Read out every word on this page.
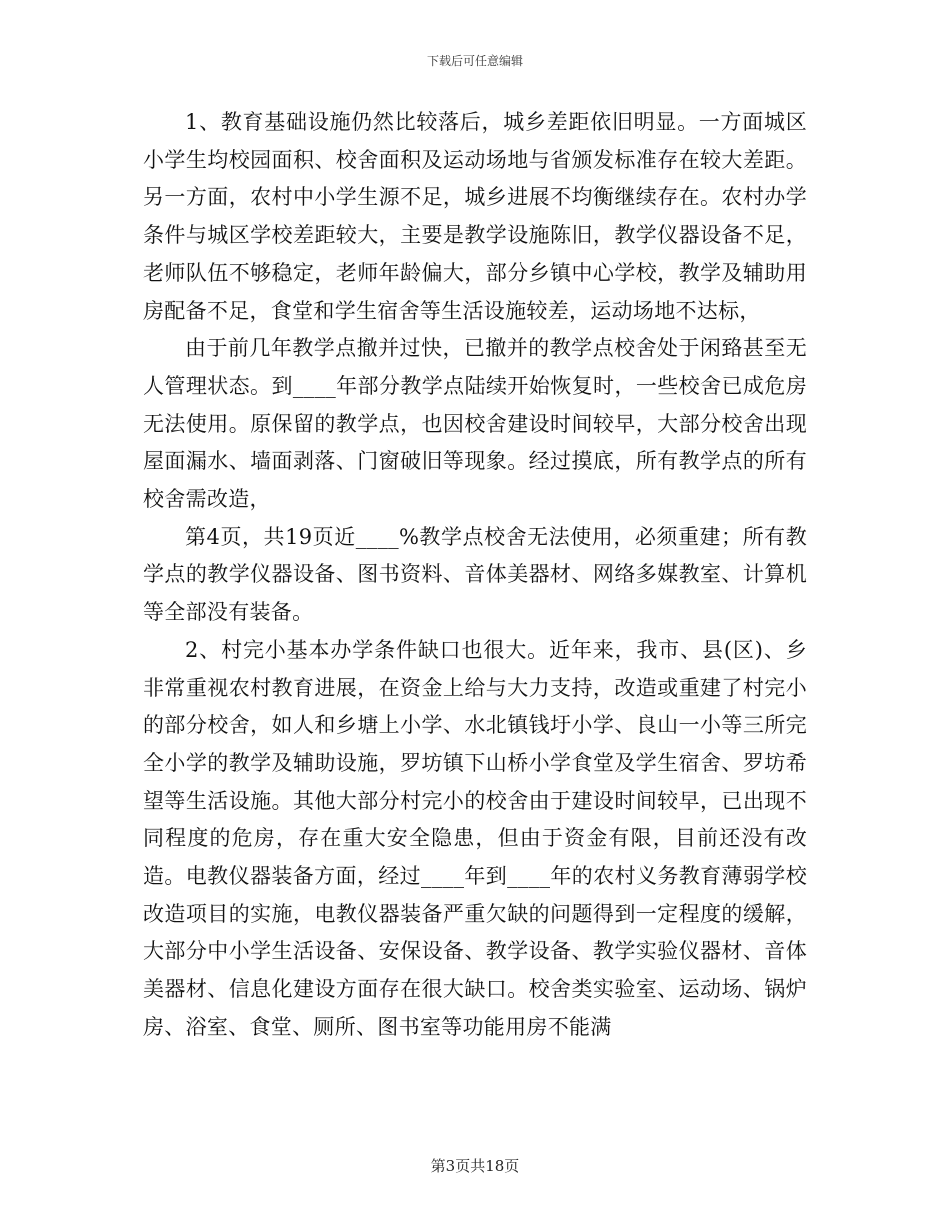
下载后可任意编辑

1、教育基础设施仍然比较落后，城乡差距依旧明显。一方面城区小学生均校园面积、校舍面积及运动场地与省颁发标准存在较大差距。另一方面，农村中小学生源不足，城乡进展不均衡继续存在。农村办学条件与城区学校差距较大，主要是教学设施陈旧，教学仪器设备不足，老师队伍不够稳定，老师年龄偏大，部分乡镇中心学校，教学及辅助用房配备不足，食堂和学生宿舍等生活设施较差，运动场地不达标，

由于前几年教学点撤并过快，已撤并的教学点校舍处于闲臵甚至无人管理状态。到____年部分教学点陆续开始恢复时，一些校舍已成危房无法使用。原保留的教学点，也因校舍建设时间较早，大部分校舍出现屋面漏水、墙面剥落、门窗破旧等现象。经过摸底，所有教学点的所有校舍需改造，

第4页，共19页近____%教学点校舍无法使用，必须重建；所有教学点的教学仪器设备、图书资料、音体美器材、网络多媒教室、计算机等全部没有装备。

2、村完小基本办学条件缺口也很大。近年来，我市、县(区)、乡非常重视农村教育进展，在资金上给与大力支持，改造或重建了村完小的部分校舍，如人和乡塘上小学、水北镇钱圩小学、良山一小等三所完全小学的教学及辅助设施，罗坊镇下山桥小学食堂及学生宿舍、罗坊希望等生活设施。其他大部分村完小的校舍由于建设时间较早，已出现不同程度的危房，存在重大安全隐患，但由于资金有限，目前还没有改造。电教仪器装备方面，经过____年到____年的农村义务教育薄弱学校改造项目的实施，电教仪器装备严重欠缺的问题得到一定程度的缓解，大部分中小学生活设备、安保设备、教学设备、教学实验仪器材、音体美器材、信息化建设方面存在很大缺口。校舍类实验室、运动场、锅炉房、浴室、食堂、厕所、图书室等功能用房不能满

第3页共18页
